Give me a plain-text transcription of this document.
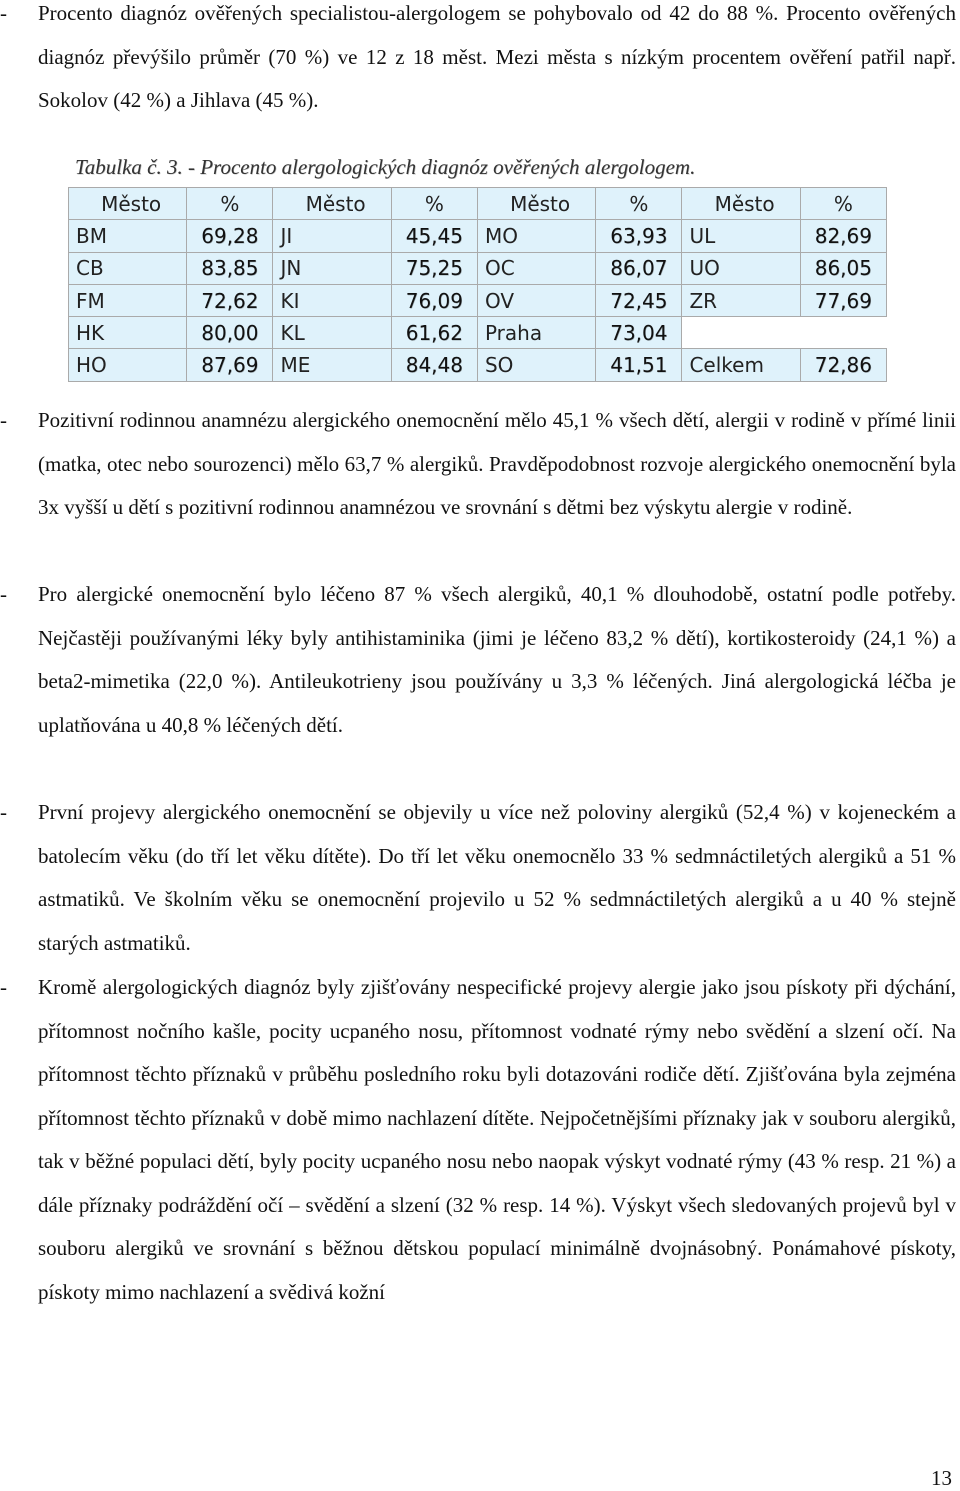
- Procento diagnóz ověřených specialistou-alergologem se pohybovalo od 42 do 88 %. Procento ověřených diagnóz převýšilo průměr (70 %) ve 12 z 18 měst. Mezi města s nízkým procentem ověření patřil např. Sokolov (42 %) a Jihlava (45 %).
Tabulka č. 3. - Procento alergologických diagnóz ověřených alergologem.
Město	%	Město	%	Město	%	Město	%
BM	69,28	JI	45,45	MO	63,93	UL	82,69
CB	83,85	JN	75,25	OC	86,07	UO	86,05
FM	72,62	KI	76,09	OV	72,45	ZR	77,69
HK	80,00	KL	61,62	Praha	73,04		
HO	87,69	ME	84,48	SO	41,51	Celkem	72,86
- Pozitivní rodinnou anamnézu alergického onemocnění mělo 45,1 % všech dětí, alergii v rodině v přímé linii (matka, otec nebo sourozenci) mělo 63,7 % alergiků. Pravděpodobnost rozvoje alergického onemocnění byla 3x vyšší u dětí s pozitivní rodinnou anamnézou ve srovnání s dětmi bez výskytu alergie v rodině.
- Pro alergické onemocnění bylo léčeno 87 % všech alergiků, 40,1 % dlouhodobě, ostatní podle potřeby. Nejčastěji používanými léky byly antihistaminika (jimi je léčeno 83,2 % dětí), kortikosteroidy (24,1 %) a beta2-mimetika (22,0 %). Antileukotrieny jsou používány u 3,3 % léčených. Jiná alergologická léčba je uplatňována u 40,8 % léčených dětí.
- První projevy alergického onemocnění se objevily u více než poloviny alergiků (52,4 %) v kojeneckém a batolecím věku (do tří let věku dítěte). Do tří let věku onemocnělo 33 % sedmnáctiletých alergiků a 51 % astmatiků. Ve školním věku se onemocnění projevilo u 52 % sedmnáctiletých alergiků a u 40 % stejně starých astmatiků.
- Kromě alergologických diagnóz byly zjišťovány nespecifické projevy alergie jako jsou pískoty při dýchání, přítomnost nočního kašle, pocity ucpaného nosu, přítomnost vodnaté rýmy nebo svědění a slzení očí. Na přítomnost těchto příznaků v průběhu posledního roku byli dotazováni rodiče dětí. Zjišťována byla zejména přítomnost těchto příznaků v době mimo nachlazení dítěte. Nejpočetnějšími příznaky jak v souboru alergiků, tak v běžné populaci dětí, byly pocity ucpaného nosu nebo naopak výskyt vodnaté rýmy (43 % resp. 21 %) a dále příznaky podráždění očí – svědění a slzení (32 % resp. 14 %). Výskyt všech sledovaných projevů byl v souboru alergiků ve srovnání s běžnou dětskou populací minimálně dvojnásobný. Ponámahové pískoty, pískoty mimo nachlazení a svědivá kožní
13
